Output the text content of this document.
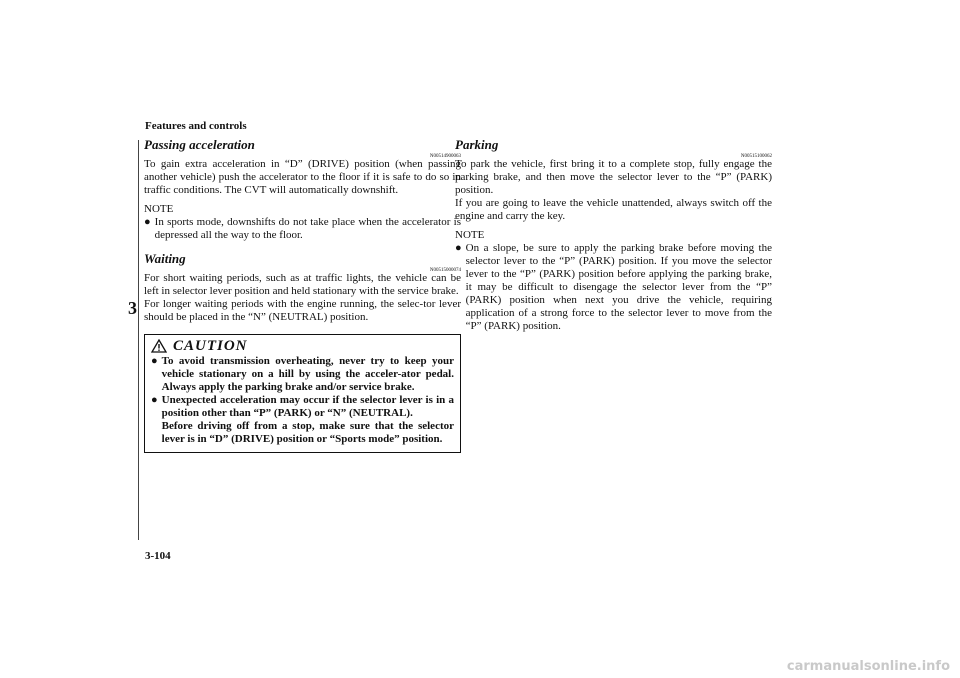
Features and controls
3
Passing acceleration
N00514900063

To gain extra acceleration in “D” (DRIVE) position (when passing another vehicle) push the accelerator to the floor if it is safe to do so in traffic conditions. The CVT will automatically downshift.

NOTE
● In sports mode, downshifts do not take place when the accelerator is depressed all the way to the floor.
Waiting
N00515000074

For short waiting periods, such as at traffic lights, the vehicle can be left in selector lever position and held stationary with the service brake.

For longer waiting periods with the engine running, the selec-tor lever should be placed in the “N” (NEUTRAL) position.

CAUTION
● To avoid transmission overheating, never try to keep your vehicle stationary on a hill by using the acceler-ator pedal. Always apply the parking brake and/or service brake.
● Unexpected acceleration may occur if the selector lever is in a position other than “P” (PARK) or “N” (NEUTRAL).
Before driving off from a stop, make sure that the selector lever is in “D” (DRIVE) position or “Sports mode” position.
Parking
N00515100062

To park the vehicle, first bring it to a complete stop, fully engage the parking brake, and then move the selector lever to the “P” (PARK) position.

If you are going to leave the vehicle unattended, always switch off the engine and carry the key.

NOTE
● On a slope, be sure to apply the parking brake before moving the selector lever to the “P” (PARK) position. If you move the selector lever to the “P” (PARK) position before applying the parking brake, it may be difficult to disengage the selector lever from the “P” (PARK) position when next you drive the vehicle, requiring application of a strong force to the selector lever to move from the “P” (PARK) position.
3-104
carmanualsonline.info
